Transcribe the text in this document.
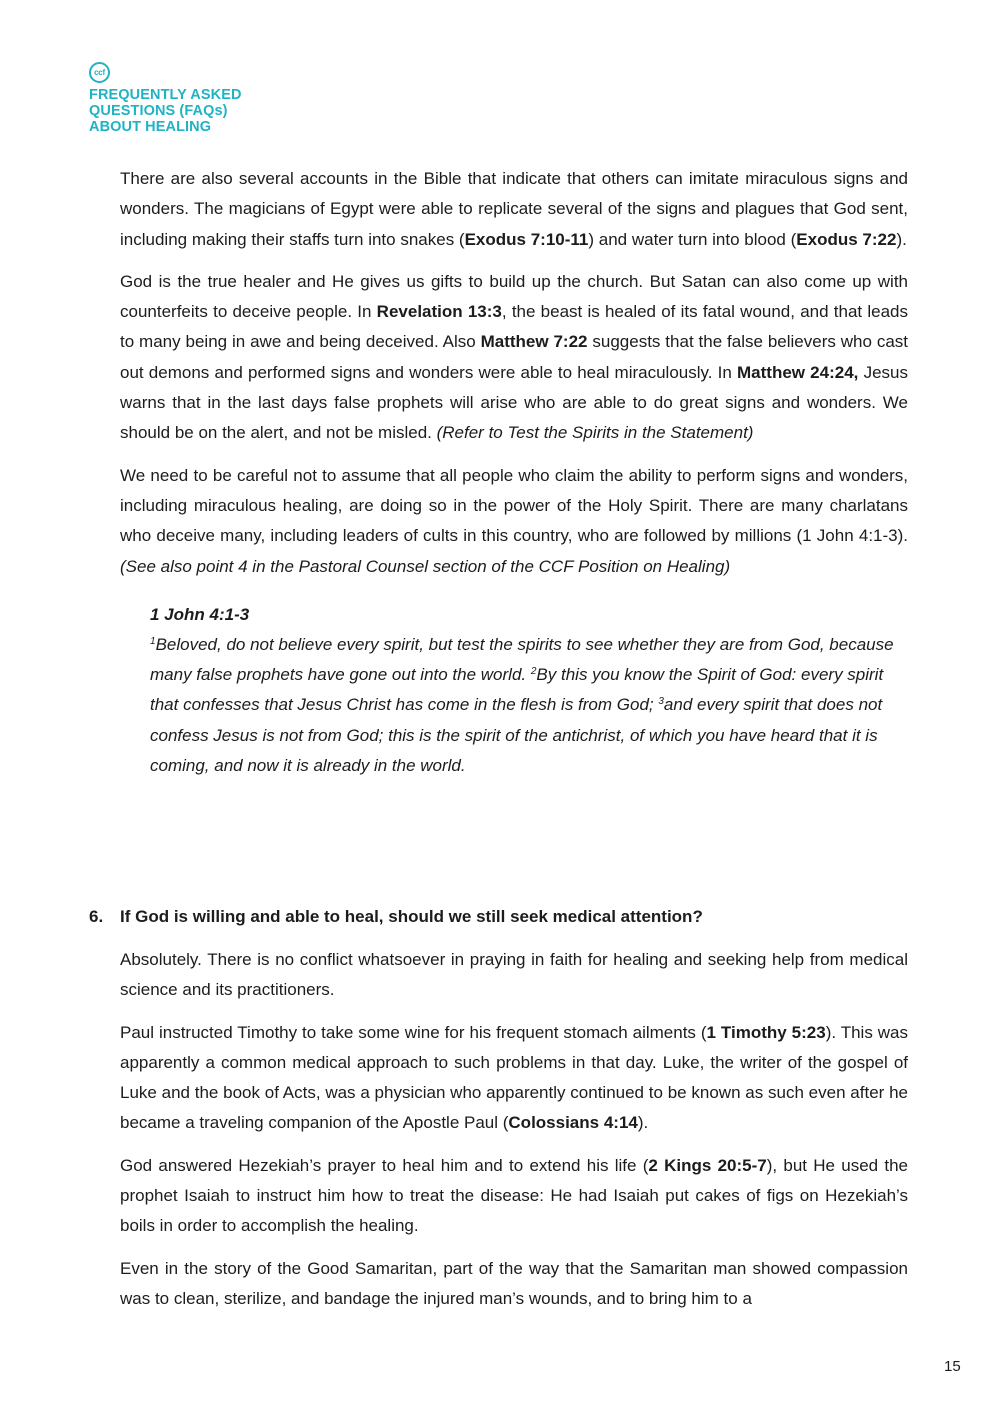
ccf
FREQUENTLY ASKED
QUESTIONS (FAQs)
ABOUT HEALING

There are also several accounts in the Bible that indicate that others can imitate miraculous signs and wonders. The magicians of Egypt were able to replicate several of the signs and plagues that God sent, including making their staffs turn into snakes (Exodus 7:10-11) and water turn into blood (Exodus 7:22).

God is the true healer and He gives us gifts to build up the church. But Satan can also come up with counterfeits to deceive people. In Revelation 13:3, the beast is healed of its fatal wound, and that leads to many being in awe and being deceived. Also Matthew 7:22 suggests that the false believers who cast out demons and performed signs and wonders were able to heal miraculously. In Matthew 24:24, Jesus warns that in the last days false prophets will arise who are able to do great signs and wonders. We should be on the alert, and not be misled. (Refer to Test the Spirits in the Statement)

We need to be careful not to assume that all people who claim the ability to perform signs and wonders, including miraculous healing, are doing so in the power of the Holy Spirit. There are many charlatans who deceive many, including leaders of cults in this country, who are followed by millions (1 John 4:1-3). (See also point 4 in the Pastoral Counsel section of the CCF Position on Healing)

1 John 4:1-3

$^1$Beloved, do not believe every spirit, but test the spirits to see whether they are from God, because many false prophets have gone out into the world. $^2$By this you know the Spirit of God: every spirit that confesses that Jesus Christ has come in the flesh is from God; $^3$and every spirit that does not confess Jesus is not from God; this is the spirit of the antichrist, of which you have heard that it is coming, and now it is already in the world.

6. If God is willing and able to heal, should we still seek medical attention?

Absolutely. There is no conflict whatsoever in praying in faith for healing and seeking help from medical science and its practitioners.

Paul instructed Timothy to take some wine for his frequent stomach ailments (1 Timothy 5:23). This was apparently a common medical approach to such problems in that day. Luke, the writer of the gospel of Luke and the book of Acts, was a physician who apparently continued to be known as such even after he became a traveling companion of the Apostle Paul (Colossians 4:14).

God answered Hezekiah’s prayer to heal him and to extend his life (2 Kings 20:5-7), but He used the prophet Isaiah to instruct him how to treat the disease: He had Isaiah put cakes of figs on Hezekiah’s boils in order to accomplish the healing.

Even in the story of the Good Samaritan, part of the way that the Samaritan man showed compassion was to clean, sterilize, and bandage the injured man’s wounds, and to bring him to a

15
